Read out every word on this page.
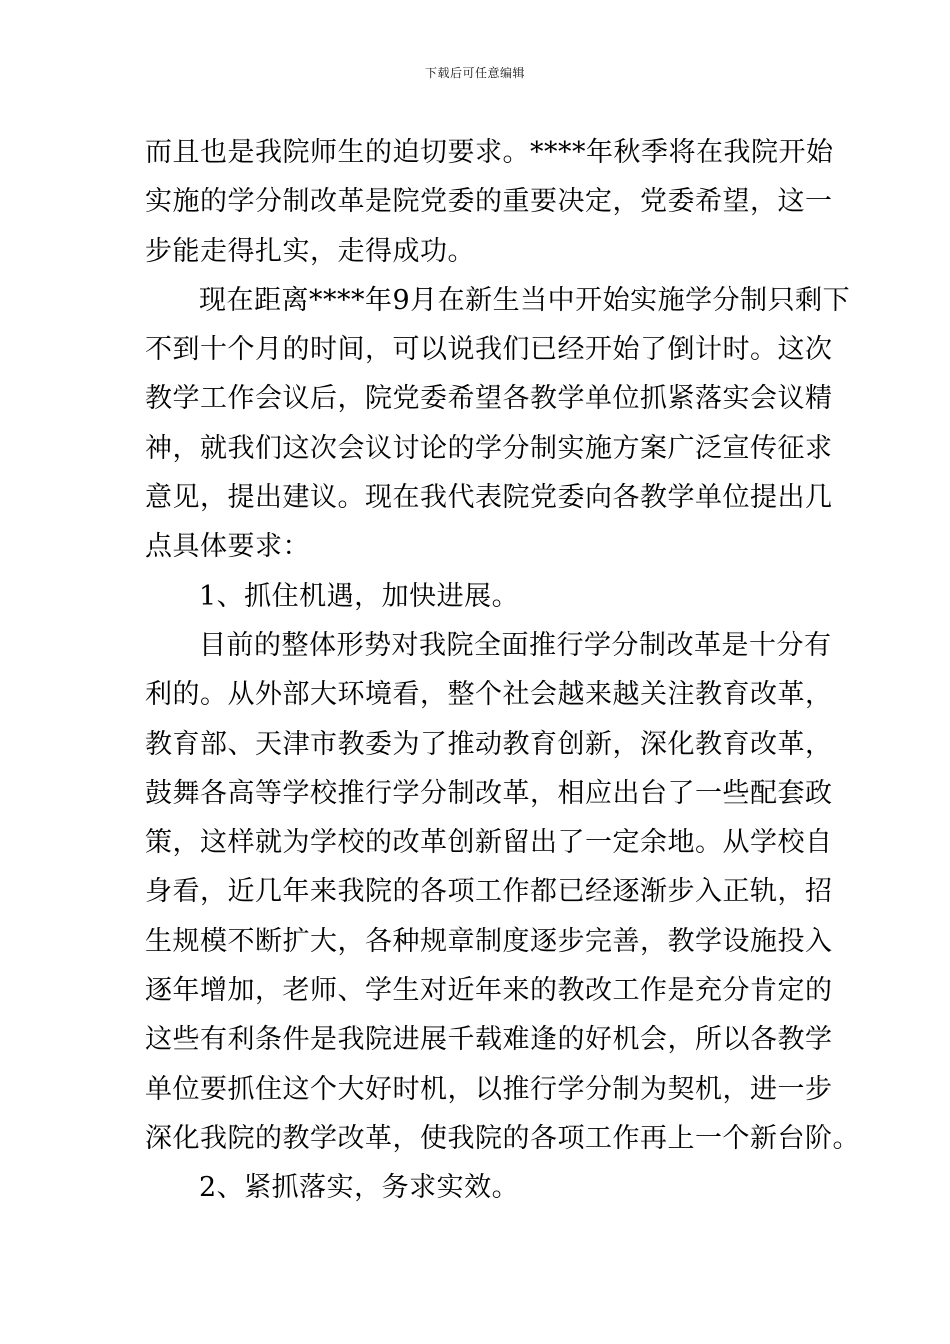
下载后可任意编辑
而且也是我院师生的迫切要求。****年秋季将在我院开始
实施的学分制改革是院党委的重要决定，党委希望，这一
步能走得扎实，走得成功。
现在距离****年9月在新生当中开始实施学分制只剩下
不到十个月的时间，可以说我们已经开始了倒计时。这次
教学工作会议后，院党委希望各教学单位抓紧落实会议精
神，就我们这次会议讨论的学分制实施方案广泛宣传征求
意见，提出建议。现在我代表院党委向各教学单位提出几
点具体要求：
1、抓住机遇，加快进展。
目前的整体形势对我院全面推行学分制改革是十分有
利的。从外部大环境看，整个社会越来越关注教育改革，
教育部、天津市教委为了推动教育创新，深化教育改革，
鼓舞各高等学校推行学分制改革，相应出台了一些配套政
策，这样就为学校的改革创新留出了一定余地。从学校自
身看，近几年来我院的各项工作都已经逐渐步入正轨，招
生规模不断扩大，各种规章制度逐步完善，教学设施投入
逐年增加，老师、学生对近年来的教改工作是充分肯定的
这些有利条件是我院进展千载难逢的好机会，所以各教学
单位要抓住这个大好时机，以推行学分制为契机，进一步
深化我院的教学改革，使我院的各项工作再上一个新台阶。
2、紧抓落实，务求实效。
